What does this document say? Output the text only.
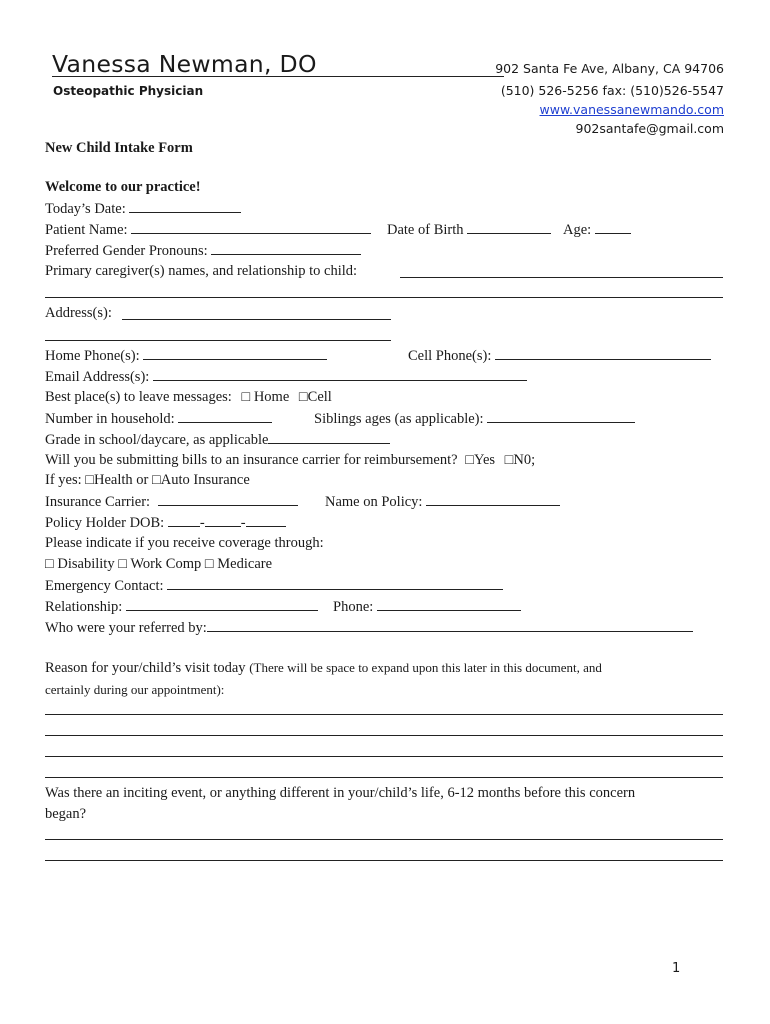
Vanessa Newman, DO
Osteopathic Physician
902 Santa Fe Ave, Albany, CA 94706
(510) 526-5256 fax: (510)526-5547
www.vanessanewmando.com
902santafe@gmail.com
New Child Intake Form
Welcome to our practice!
Today’s Date:
Patient Name:	Date of Birth	Age:
Preferred Gender Pronouns:
Primary caregiver(s) names, and relationship to child:
Address(s):
Home Phone(s):	Cell Phone(s):
Email Address(s):
Best place(s) to leave messages: □ Home □Cell
Number in household:	Siblings ages (as applicable):
Grade in school/daycare, as applicable
Will you be submitting bills to an insurance carrier for reimbursement? □Yes □N0;
If yes: □Health or □Auto Insurance
Insurance Carrier:	Name on Policy:
Policy Holder DOB: - -
Please indicate if you receive coverage through:
□ Disability □ Work Comp □ Medicare
Emergency Contact:
Relationship:	Phone:
Who were your referred by:
Reason for your/child’s visit today (There will be space to expand upon this later in this document, and
certainly during our appointment):
Was there an inciting event, or anything different in your/child’s life, 6-12 months before this concern
began?
1
